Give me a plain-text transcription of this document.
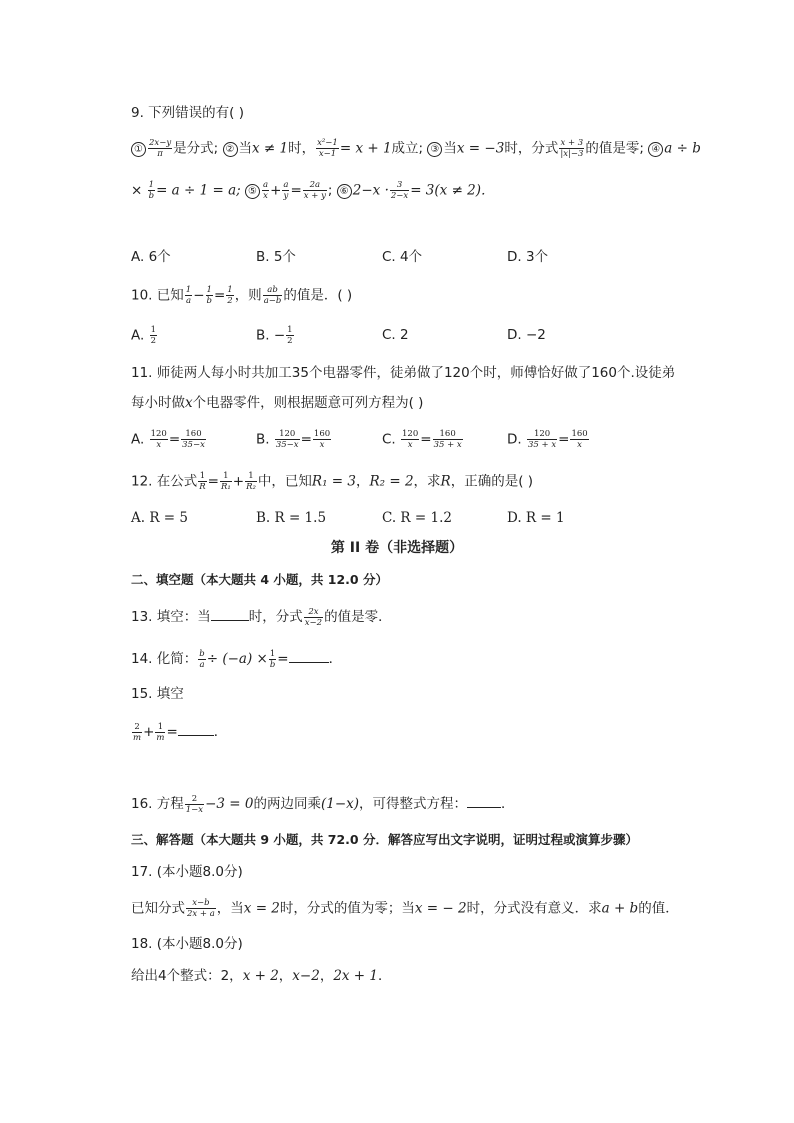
9. 下列错误的有( )
① $\frac{2x-y}{\pi}$ 是分式; ② 当x ≠ 1时， $\frac{\text{x²−1}}{x-1} = x + 1$成立; ③ 当x = −3时，分式 $\frac{x + 3}{|x|-3}$ 的值是零; ④ a ÷ b
× $\frac{1}{b} = a \div 1 = a$; ⑤ $\frac{a}{x} + \frac{a}{y} = \frac{2a}{x + y}$ ; ⑥ $2-x \cdot \frac{3}{2-x} = 3(x \ne 2)$．
A. 6个	B. 5个	C. 4个	D. 3个
10. 已知 $\frac{1}{a} - \frac{1}{b} = \frac{1}{2}$ ，则 $\frac{ab}{a-b}$ 的值是．( )
A. $\frac{1}{2}$	B. − $\frac{1}{2}$	C. 2	D. −2
11. 师徒两人每小时共加工35个电器零件，徒弟做了120个时，师傅恰好做了160个.设徒弟
每小时做x个电器零件，则根据题意可列方程为( )
A. $\frac{120}{x} = \frac{160}{35-x}$	B. $\frac{120}{35-x} = \frac{160}{x}$	C. $\frac{120}{x} = \frac{160}{35 + x}$	D. $\frac{120}{35 + x} = \frac{160}{x}$
12. 在公式 $\frac{1}{R} = \frac{1}{\text{R₁}} + \frac{1}{\text{R₂}}$ 中，已知R₁ = 3，R₂ = 2，求R，正确的是( )
A. R = 5	B. R = 1.5	C. R = 1.2	D. R = 1
第 II 卷（非选择题）
二、填空题（本大题共 4 小题，共 12.0 分）
13. 填空：当	时，分式 $\frac{2x}{x-2}$ 的值是零．
14. 化简： $\frac{b}{a} \div (-a) \times \frac{1}{b}$ =	．
15. 填空
$\frac{2}{m} + \frac{1}{m}$ =	．
16. 方程 $\frac{2}{1-x} -3 = 0$的两边同乘(1−x)，可得整式方程：	．
三、解答题（本大题共 9 小题，共 72.0 分．解答应写出文字说明，证明过程或演算步骤）
17. (本小题8.0分)
已知分式 $\frac{x-b}{2x + a}$ ，当x = 2时，分式的值为零；当x = − 2时，分式没有意义．求a + b的值．
18. (本小题8.0分)
给出4个整式：2，x + 2，x−2，2x + 1．
